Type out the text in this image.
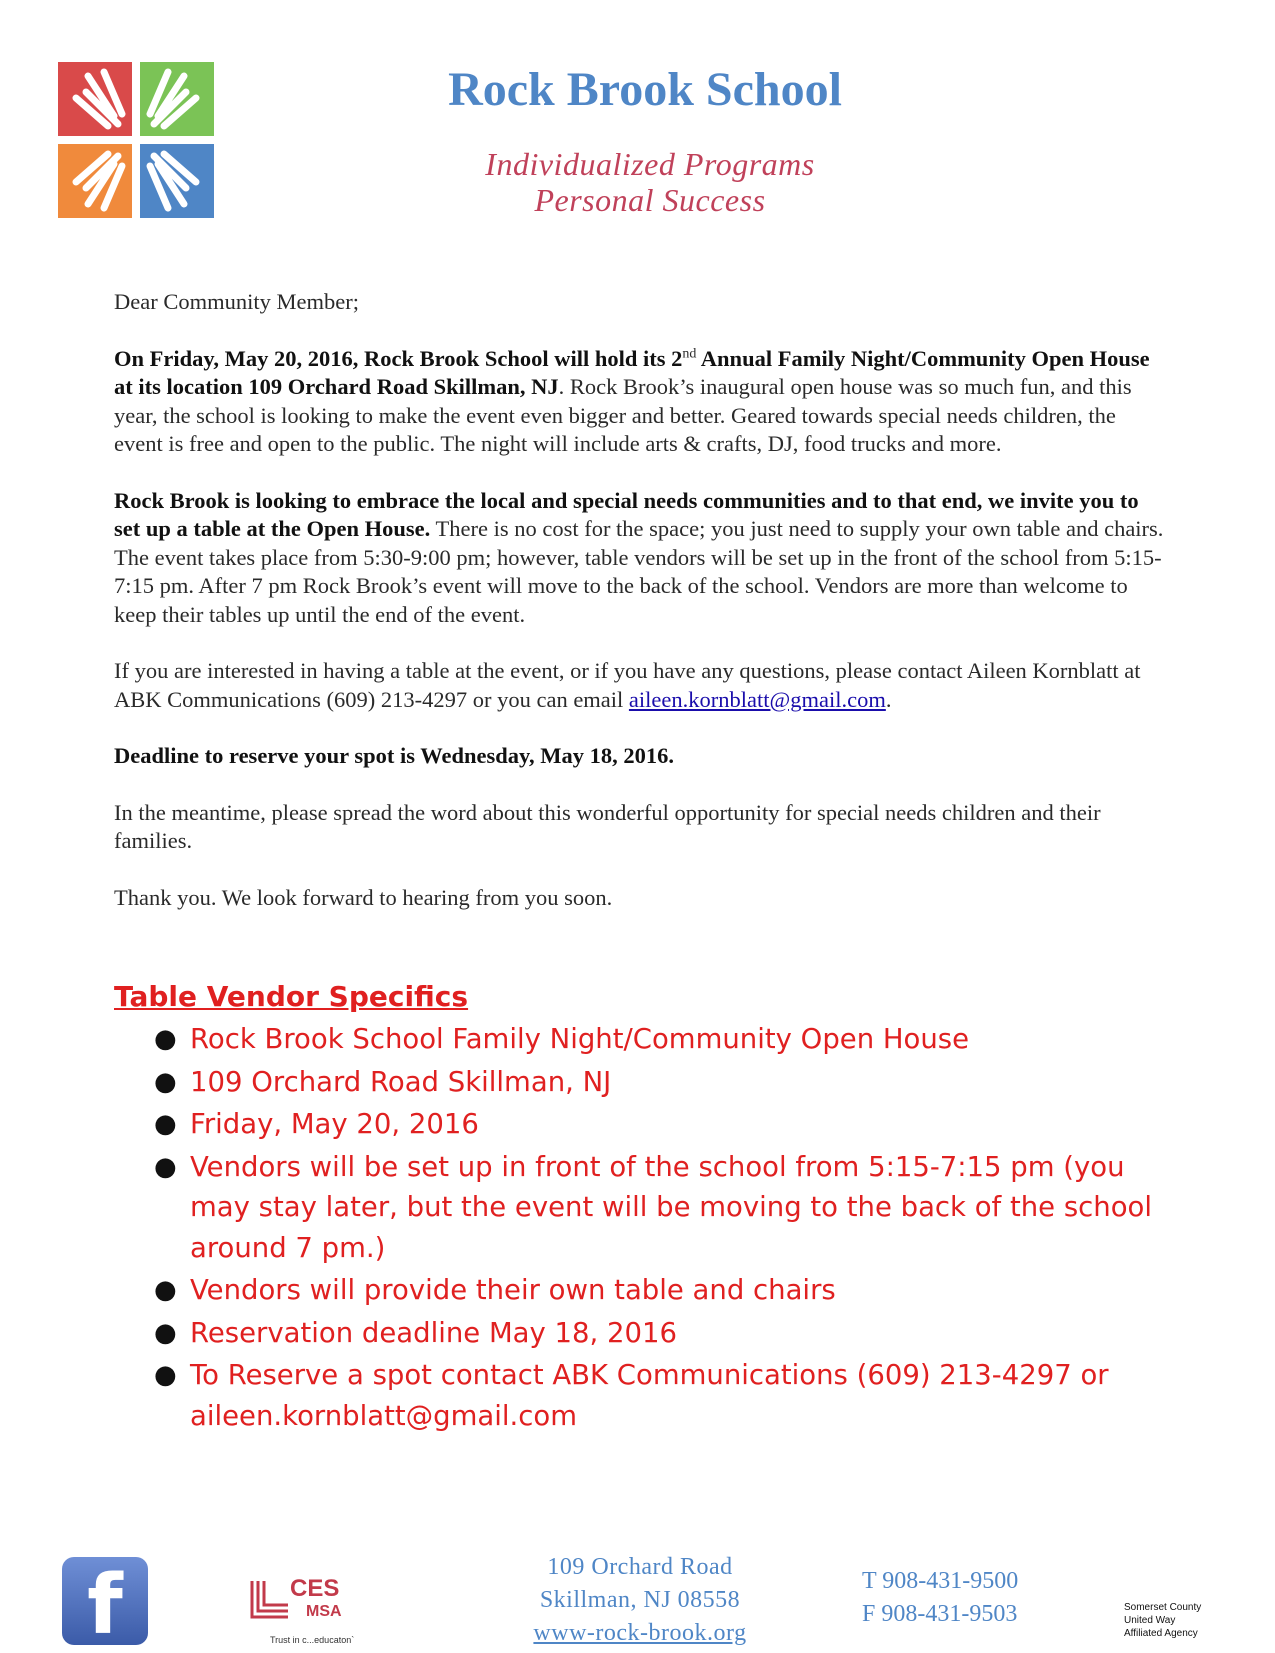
Rock Brook School
Individualized Programs
Personal Success

Dear Community Member;

On Friday, May 20, 2016, Rock Brook School will hold its 2nd Annual Family Night/Community Open House at its location 109 Orchard Road Skillman, NJ. Rock Brook’s inaugural open house was so much fun, and this year, the school is looking to make the event even bigger and better. Geared towards special needs children, the event is free and open to the public. The night will include arts & crafts, DJ, food trucks and more.

Rock Brook is looking to embrace the local and special needs communities and to that end, we invite you to set up a table at the Open House. There is no cost for the space; you just need to supply your own table and chairs. The event takes place from 5:30-9:00 pm; however, table vendors will be set up in the front of the school from 5:15-7:15 pm. After 7 pm Rock Brook’s event will move to the back of the school. Vendors are more than welcome to keep their tables up until the end of the event.

If you are interested in having a table at the event, or if you have any questions, please contact Aileen Kornblatt at ABK Communications (609) 213-4297 or you can email aileen.kornblatt@gmail.com.

Deadline to reserve your spot is Wednesday, May 18, 2016.

In the meantime, please spread the word about this wonderful opportunity for special needs children and their families.

Thank you. We look forward to hearing from you soon.

Table Vendor Specifics
● Rock Brook School Family Night/Community Open House
● 109 Orchard Road Skillman, NJ
● Friday, May 20, 2016
● Vendors will be set up in front of the school from 5:15-7:15 pm (you may stay later, but the event will be moving to the back of the school around 7 pm.)
● Vendors will provide their own table and chairs
● Reservation deadline May 18, 2016
● To Reserve a spot contact ABK Communications (609) 213-4297 or aileen.kornblatt@gmail.com
f	CES
MSA
Trust in c...educaton`
109 Orchard Road
Skillman, NJ 08558
www-rock-brook.org
T 908-431-9500
F 908-431-9503	Somerset County
United Way
Affiliated Agency
